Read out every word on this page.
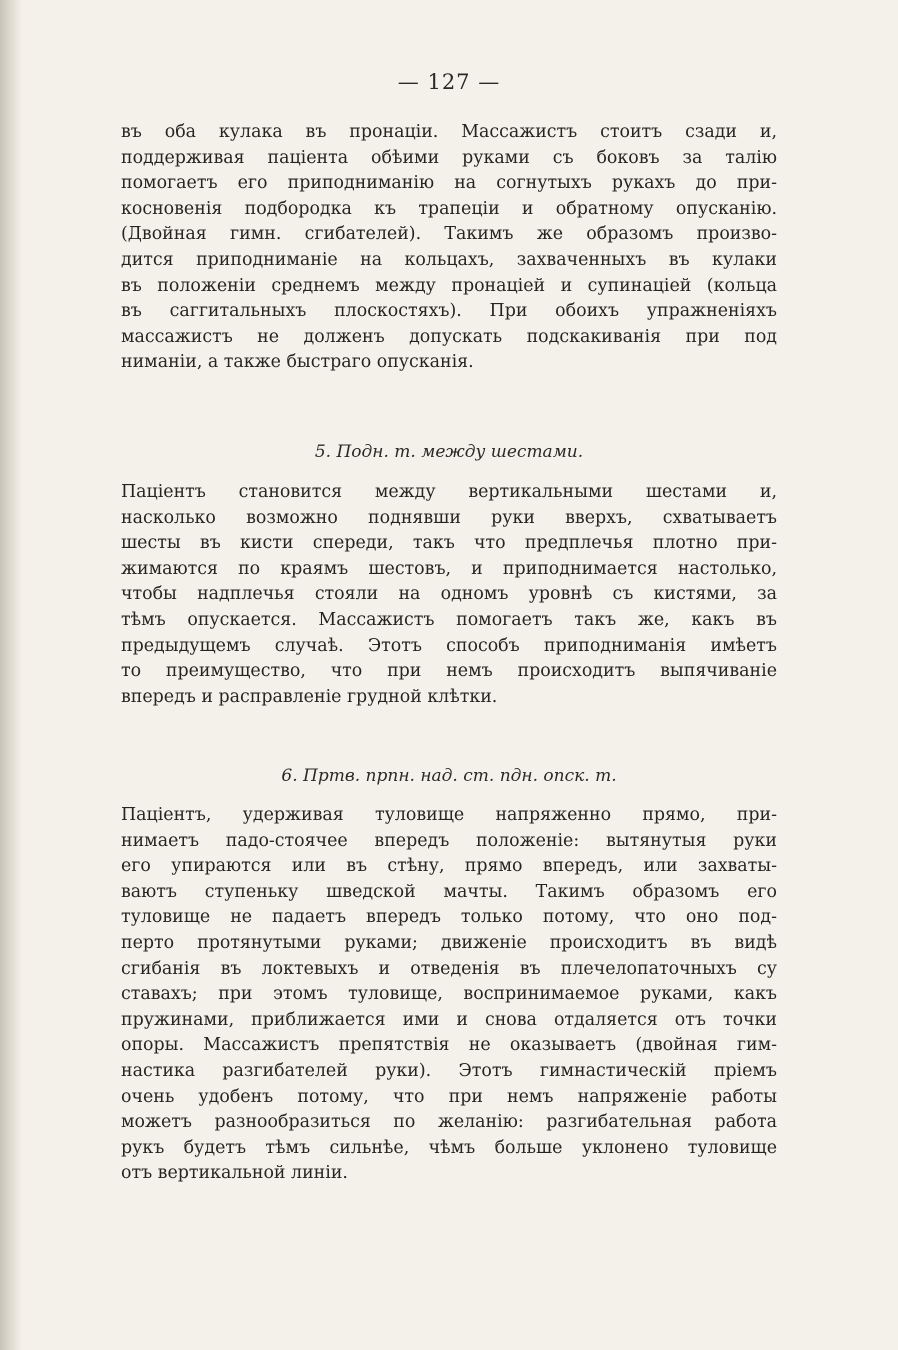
— 127 —
въ оба кулака въ пронаціи. Массажистъ стоитъ сзади и,
поддерживая паціента обѣими руками съ боковъ за талію
помогаетъ его приподниманію на согнутыхъ рукахъ до при-
косновенія подбородка къ трапеціи и обратному опусканію.
(Двойная гимн. сгибателей). Такимъ же образомъ произво-
дится приподниманіе на кольцахъ, захваченныхъ въ кулаки
въ положеніи среднемъ между пронаціей и супинаціей (кольца
въ саггитальныхъ плоскостяхъ). При обоихъ упражненіяхъ
массажистъ не долженъ допускать подскакиванія при под
ниманіи, а также быстраго опусканія.
5. Подн. т. между шестами.
Паціентъ становится между вертикальными шестами и,
насколько возможно поднявши руки вверхъ, схватываетъ
шесты въ кисти спереди, такъ что предплечья плотно при-
жимаются по краямъ шестовъ, и приподнимается настолько,
чтобы надплечья стояли на одномъ уровнѣ съ кистями, за
тѣмъ опускается. Массажистъ помогаетъ такъ же, какъ въ
предыдущемъ случаѣ. Этотъ способъ приподниманія имѣетъ
то преимущество, что при немъ происходитъ выпячиваніе
впередъ и расправленіе грудной клѣтки.
6. Пртв. прпн. над. ст. пдн. опск. т.
Паціентъ, удерживая туловище напряженно прямо, при-
нимаетъ падо-стоячее впередъ положеніе: вытянутыя руки
его упираются или въ стѣну, прямо впередъ, или захваты-
ваютъ ступеньку шведской мачты. Такимъ образомъ его
туловище не падаетъ впередъ только потому, что оно под-
перто протянутыми руками; движеніе происходитъ въ видѣ
сгибанія въ локтевыхъ и отведенія въ плечелопаточныхъ су
ставахъ; при этомъ туловище, воспринимаемое руками, какъ
пружинами, приближается ими и снова отдаляется отъ точки
опоры. Массажистъ препятствія не оказываетъ (двойная гим-
настика разгибателей руки). Этотъ гимнастическій пріемъ
очень удобенъ потому, что при немъ напряженіе работы
можетъ разнообразиться по желанію: разгибательная работа
рукъ будетъ тѣмъ сильнѣе, чѣмъ больше уклонено туловище
отъ вертикальной линіи.
